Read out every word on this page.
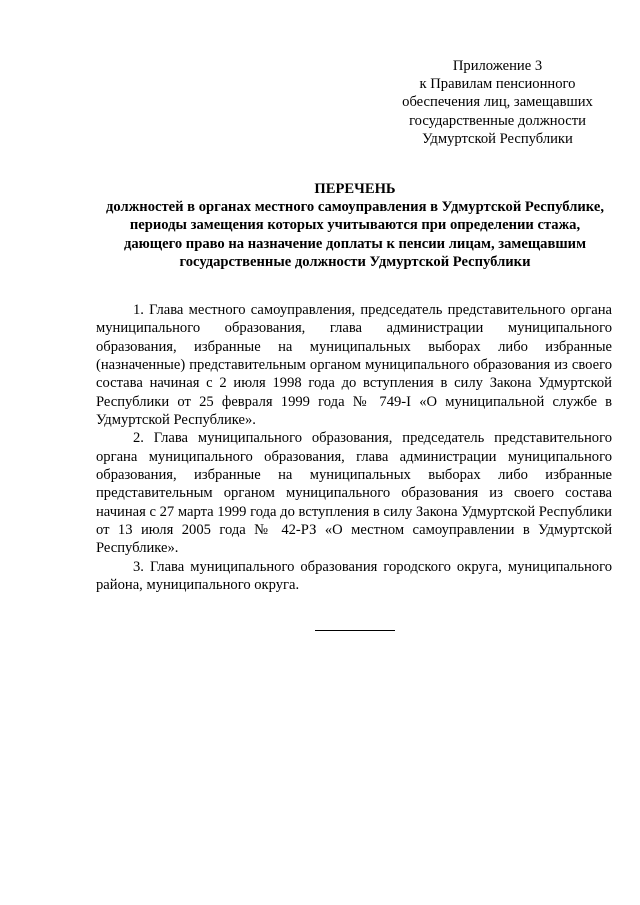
Приложение 3
к Правилам пенсионного
обеспечения лиц, замещавших
государственные должности
Удмуртской Республики
ПЕРЕЧЕНЬ
должностей в органах местного самоуправления в Удмуртской Республике,
периоды замещения которых учитываются при определении стажа,
дающего право на назначение доплаты к пенсии лицам, замещавшим
государственные должности Удмуртской Республики

1. Глава местного самоуправления, председатель представительного органа муниципального образования, глава администрации муниципального образования, избранные на муниципальных выборах либо избранные (назначенные) представительным органом муниципального образования из своего состава начиная с 2 июля 1998 года до вступления в силу Закона Удмуртской Республики от 25 февраля 1999 года № 749-I «О муниципальной службе в Удмуртской Республике».

2. Глава муниципального образования, председатель представительного органа муниципального образования, глава администрации муниципального образования, избранные на муниципальных выборах либо избранные представительным органом муниципального образования из своего состава начиная с 27 марта 1999 года до вступления в силу Закона Удмуртской Республики от 13 июля 2005 года № 42-РЗ «О местном самоуправлении в Удмуртской Республике».

3. Глава муниципального образования городского округа, муниципального района, муниципального округа.
